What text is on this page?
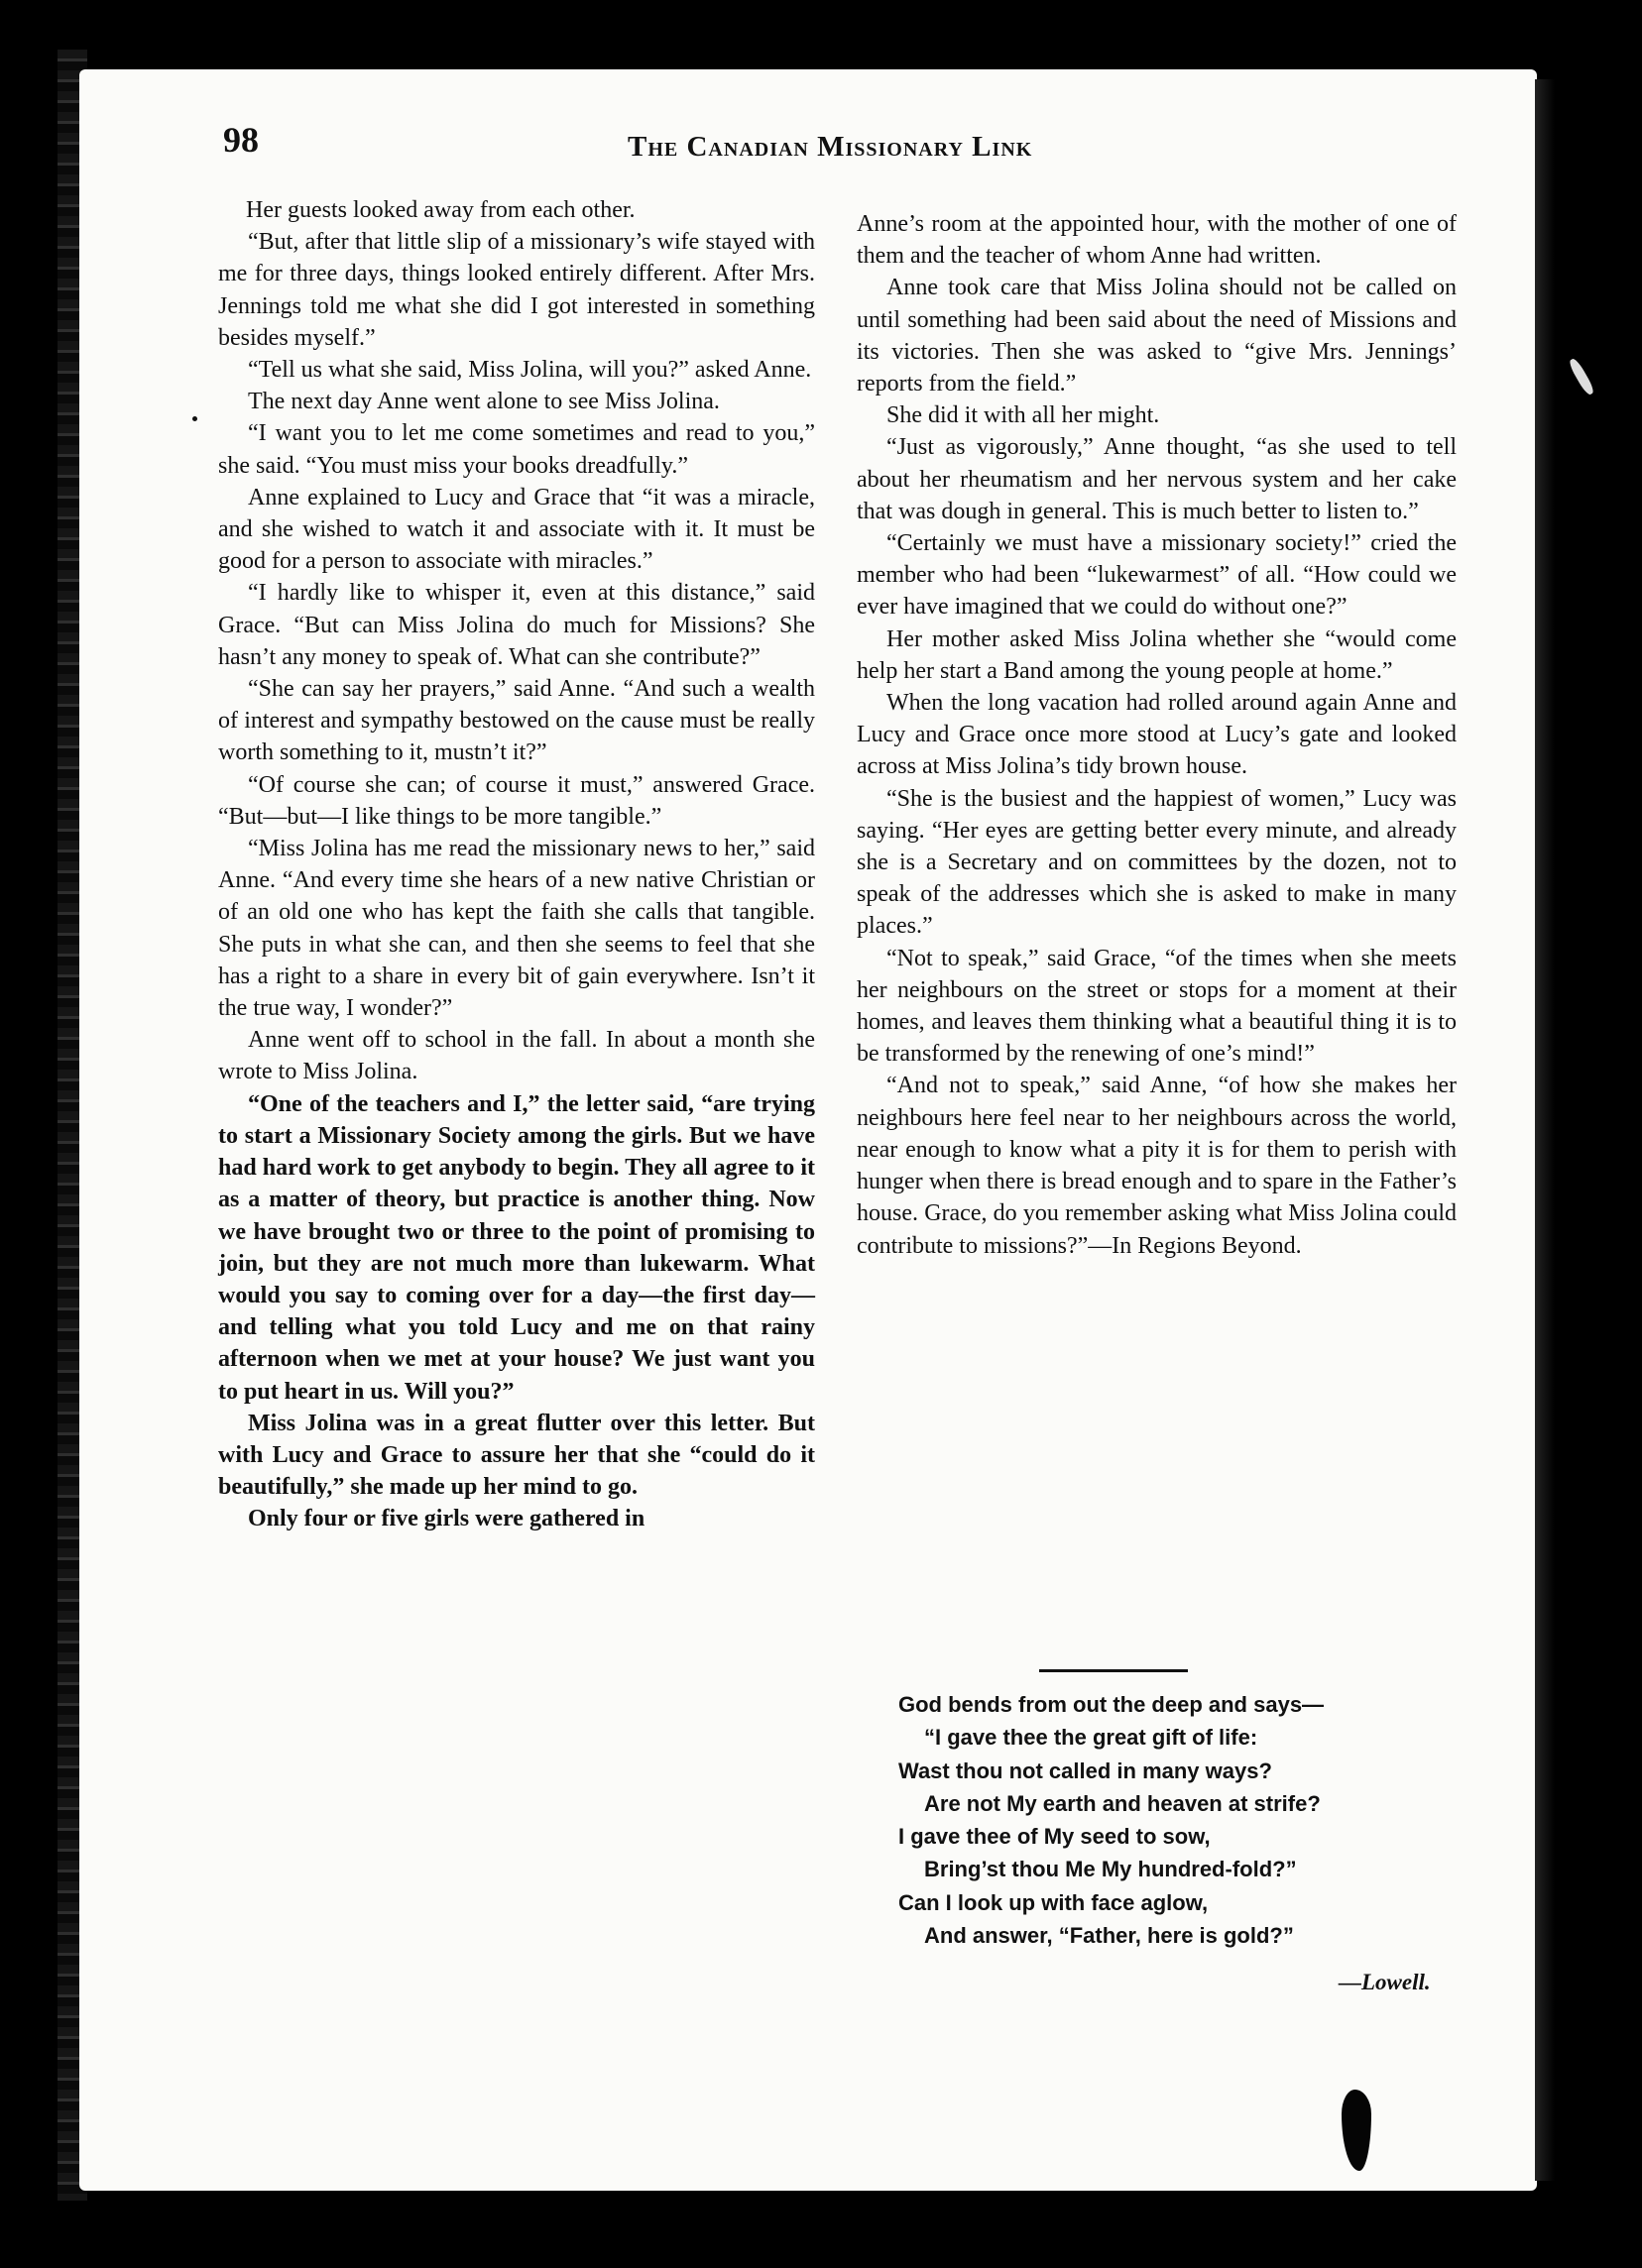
98	The Canadian Missionary Link

Her guests looked away from each other.

“But, after that little slip of a missionary’s wife stayed with me for three days, things looked entirely different. After Mrs. Jennings told me what she did I got interested in something besides myself.”

“Tell us what she said, Miss Jolina, will you?” asked Anne.

The next day Anne went alone to see Miss Jolina.

“I want you to let me come sometimes and read to you,” she said. “You must miss your books dreadfully.”

Anne explained to Lucy and Grace that “it was a miracle, and she wished to watch it and associate with it. It must be good for a person to associate with miracles.”

“I hardly like to whisper it, even at this distance,” said Grace. “But can Miss Jolina do much for Missions? She hasn’t any money to speak of. What can she contribute?”

“She can say her prayers,” said Anne. “And such a wealth of interest and sympathy bestowed on the cause must be really worth something to it, mustn’t it?”

“Of course she can; of course it must,” answered Grace. “But—but—I like things to be more tangible.”

“Miss Jolina has me read the missionary news to her,” said Anne. “And every time she hears of a new native Christian or of an old one who has kept the faith she calls that tangible. She puts in what she can, and then she seems to feel that she has a right to a share in every bit of gain everywhere. Isn’t it the true way, I wonder?”

Anne went off to school in the fall. In about a month she wrote to Miss Jolina.

“One of the teachers and I,” the letter said, “are trying to start a Missionary Society among the girls. But we have had hard work to get anybody to begin. They all agree to it as a matter of theory, but practice is another thing. Now we have brought two or three to the point of promising to join, but they are not much more than lukewarm. What would you say to coming over for a day—the first day—and telling what you told Lucy and me on that rainy afternoon when we met at your house? We just want you to put heart in us. Will you?”

Miss Jolina was in a great flutter over this letter. But with Lucy and Grace to assure her that she “could do it beautifully,” she made up her mind to go.

Only four or five girls were gathered in

Anne’s room at the appointed hour, with the mother of one of them and the teacher of whom Anne had written.

Anne took care that Miss Jolina should not be called on until something had been said about the need of Missions and its victories. Then she was asked to “give Mrs. Jennings’ reports from the field.”

She did it with all her might.

“Just as vigorously,” Anne thought, “as she used to tell about her rheumatism and her nervous system and her cake that was dough in general. This is much better to listen to.”

“Certainly we must have a missionary society!” cried the member who had been “lukewarmest” of all. “How could we ever have imagined that we could do without one?”

Her mother asked Miss Jolina whether she “would come help her start a Band among the young people at home.”

When the long vacation had rolled around again Anne and Lucy and Grace once more stood at Lucy’s gate and looked across at Miss Jolina’s tidy brown house.

“She is the busiest and the happiest of women,” Lucy was saying. “Her eyes are getting better every minute, and already she is a Secretary and on committees by the dozen, not to speak of the addresses which she is asked to make in many places.”

“Not to speak,” said Grace, “of the times when she meets her neighbours on the street or stops for a moment at their homes, and leaves them thinking what a beautiful thing it is to be transformed by the renewing of one’s mind!”

“And not to speak,” said Anne, “of how she makes her neighbours here feel near to her neighbours across the world, near enough to know what a pity it is for them to perish with hunger when there is bread enough and to spare in the Father’s house. Grace, do you remember asking what Miss Jolina could contribute to missions?”—In Regions Beyond.

God bends from out the deep and says—
“I gave thee the great gift of life:
Wast thou not called in many ways?
Are not My earth and heaven at strife?
I gave thee of My seed to sow,
Bring’st thou Me My hundred-fold?”
Can I look up with face aglow,
And answer, “Father, here is gold?”
—Lowell.
